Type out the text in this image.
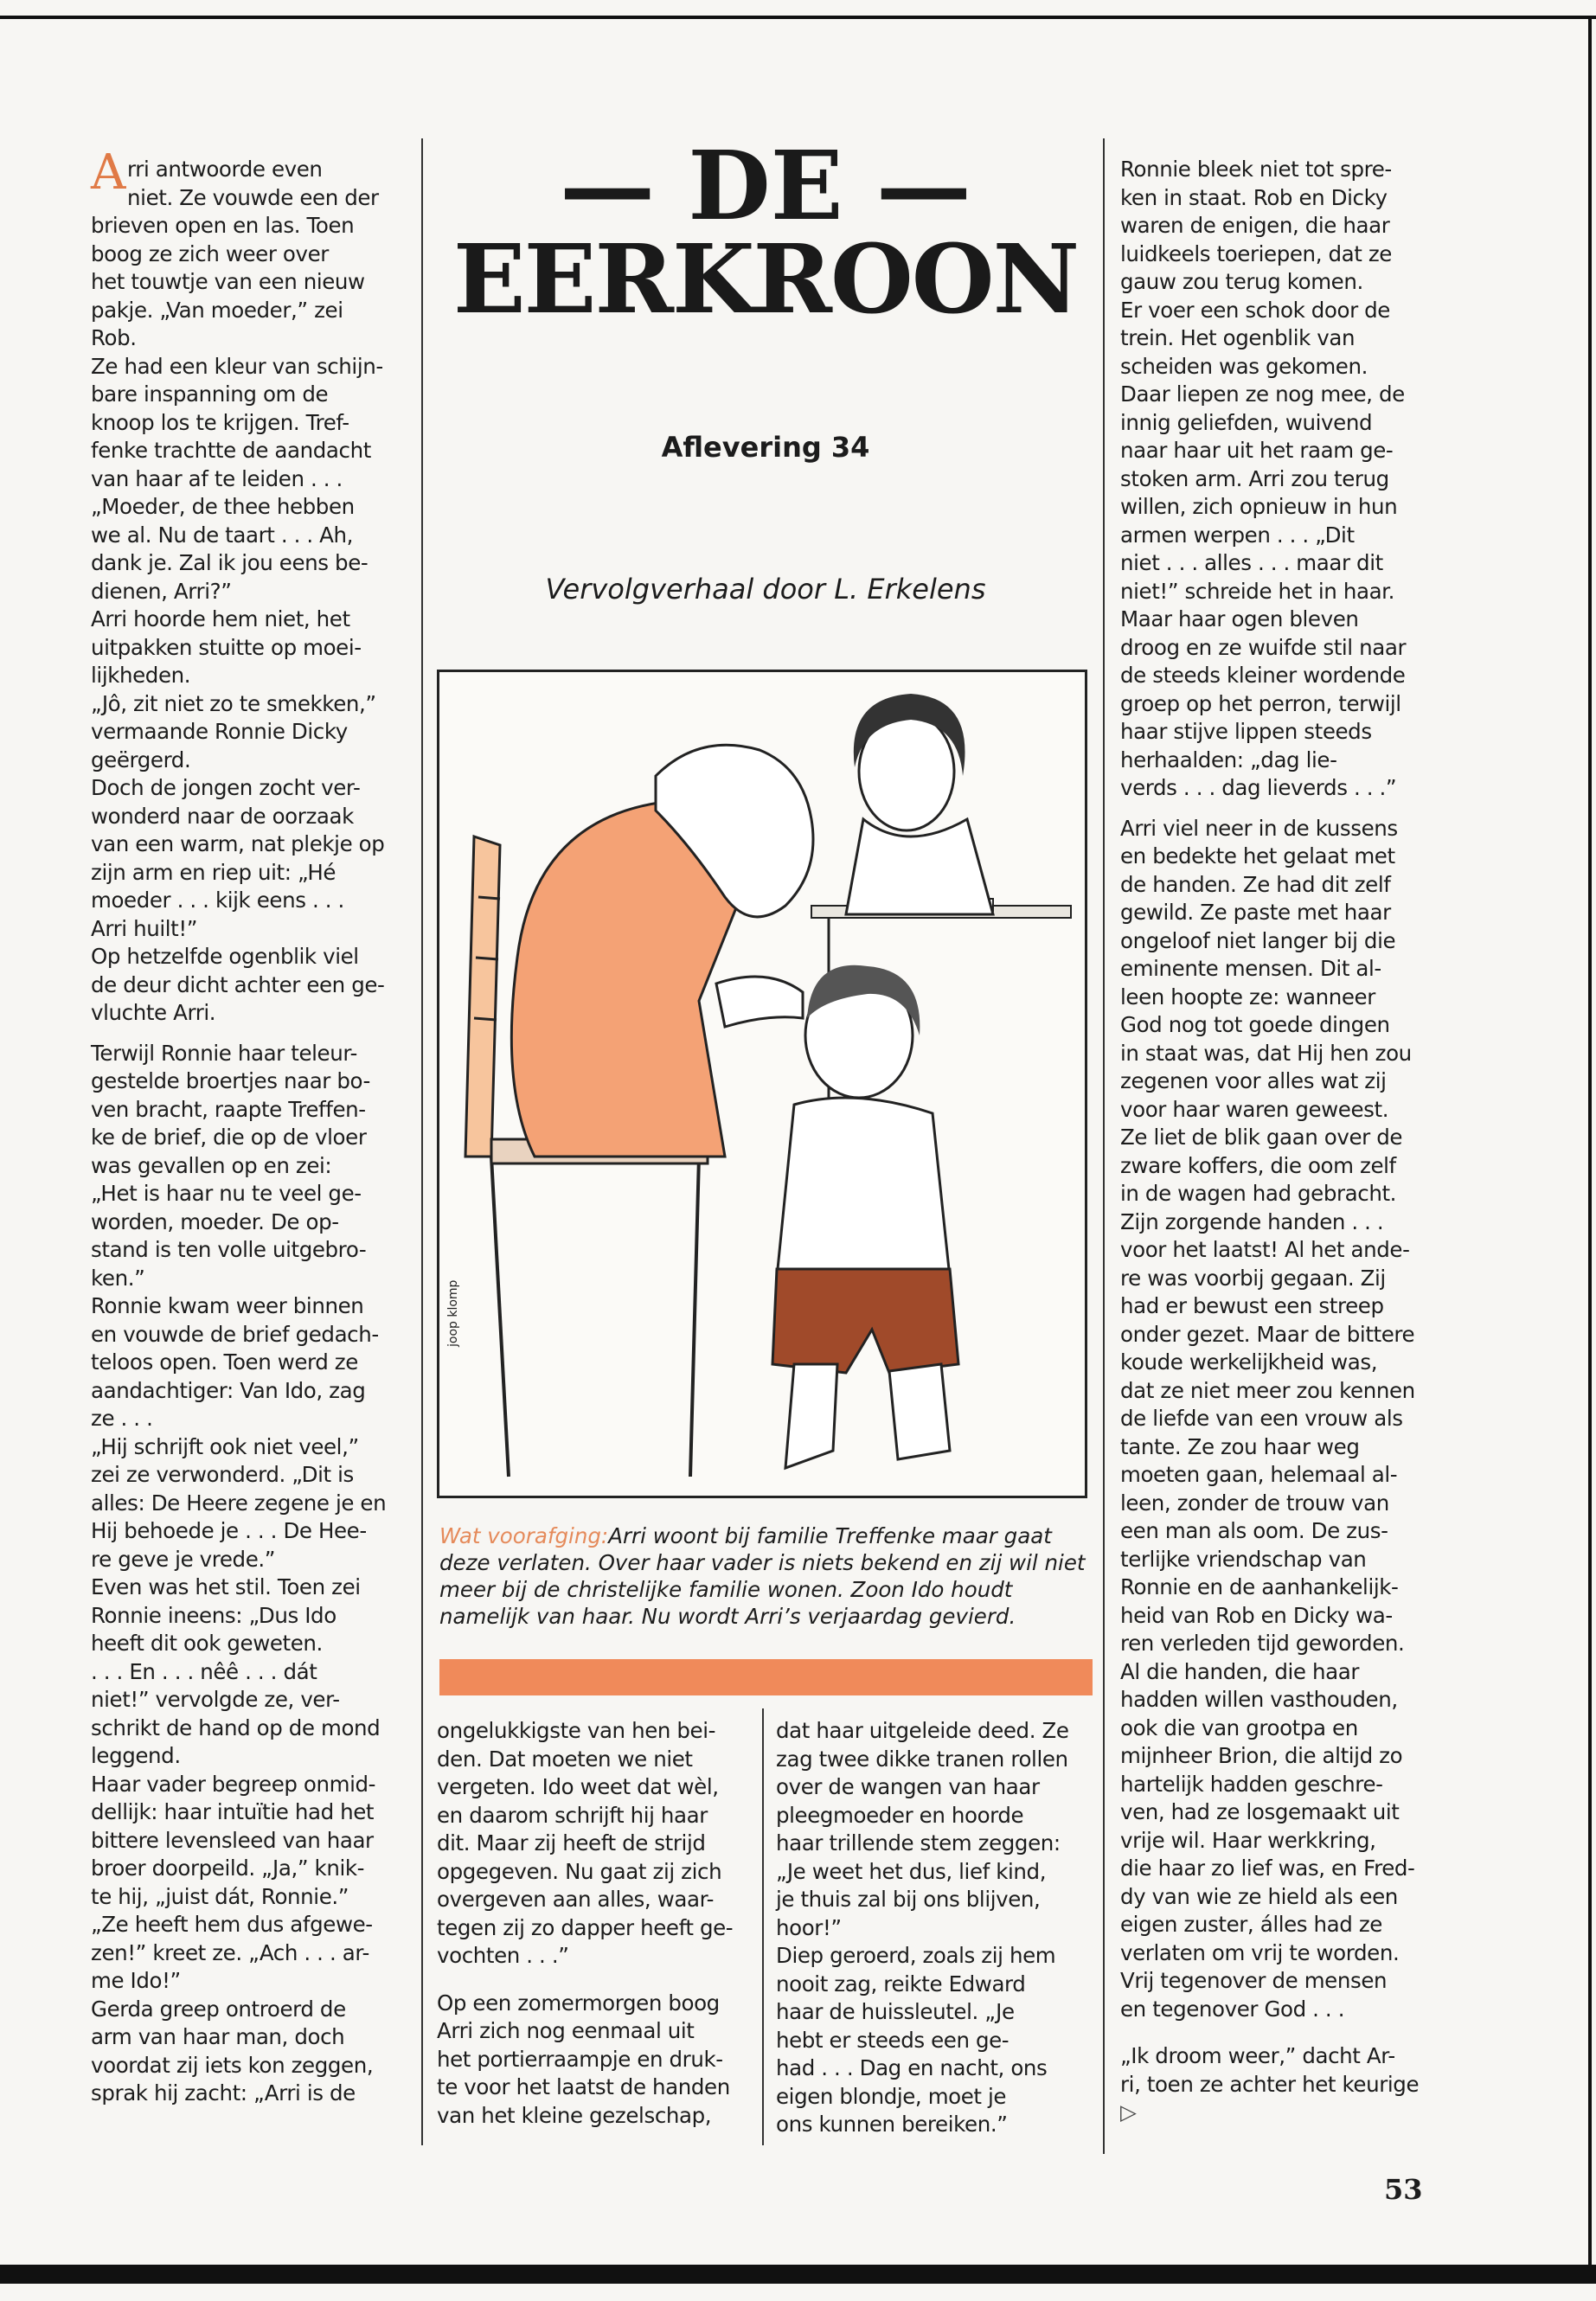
A rri antwoorde even
niet. Ze vouwde een der
brieven open en las. Toen
boog ze zich weer over
het touwtje van een nieuw
pakje. „Van moeder,” zei
Rob.
Ze had een kleur van schijn-
bare inspanning om de
knoop los te krijgen. Tref-
fenke trachtte de aandacht
van haar af te leiden . . .
„Moeder, de thee hebben
we al. Nu de taart . . . Ah,
dank je. Zal ik jou eens be-
dienen, Arri?”
Arri hoorde hem niet, het
uitpakken stuitte op moei-
lijkheden.
„Jô, zit niet zo te smekken,”
vermaande Ronnie Dicky
geërgerd.
Doch de jongen zocht ver-
wonderd naar de oorzaak
van een warm, nat plekje op
zijn arm en riep uit: „Hé
moeder . . . kijk eens . . .
Arri huilt!”
Op hetzelfde ogenblik viel
de deur dicht achter een ge-
vluchte Arri.

Terwijl Ronnie haar teleur-
gestelde broertjes naar bo-
ven bracht, raapte Treffen-
ke de brief, die op de vloer
was gevallen op en zei:
„Het is haar nu te veel ge-
worden, moeder. De op-
stand is ten volle uitgebro-
ken.”
Ronnie kwam weer binnen
en vouwde de brief gedach-
teloos open. Toen werd ze
aandachtiger: Van Ido, zag
ze . . .
„Hij schrijft ook niet veel,”
zei ze verwonderd. „Dit is
alles: De Heere zegene je en
Hij behoede je . . . De Hee-
re geve je vrede.”
Even was het stil. Toen zei
Ronnie ineens: „Dus Ido
heeft dit ook geweten.
. . . En . . . nêê . . . dát
niet!” vervolgde ze, ver-
schrikt de hand op de mond
leggend.
Haar vader begreep onmid-
dellijk: haar intuïtie had het
bittere levensleed van haar
broer doorpeild. „Ja,” knik-
te hij, „juist dát, Ronnie.”
„Ze heeft hem dus afgewe-
zen!” kreet ze. „Ach . . . ar-
me Ido!”
Gerda greep ontroerd de
arm van haar man, doch
voordat zij iets kon zeggen,
sprak hij zacht: „Arri is de

— DE —
EERKROON
Aflevering 34
Vervolgverhaal door L. Erkelens
joop klomp
Wat voorafging:Arri woont bij familie Treffenke maar gaat deze verlaten. Over haar vader is niets bekend en zij wil niet meer bij de christelijke familie wonen. Zoon Ido houdt namelijk van haar. Nu wordt Arri’s verjaardag gevierd.

ongelukkigste van hen bei-
den. Dat moeten we niet
vergeten. Ido weet dat wèl,
en daarom schrijft hij haar
dit. Maar zij heeft de strijd
opgegeven. Nu gaat zij zich
overgeven aan alles, waar-
tegen zij zo dapper heeft ge-
vochten . . .”

Op een zomermorgen boog
Arri zich nog eenmaal uit
het portierraampje en druk-
te voor het laatst de handen
van het kleine gezelschap,

dat haar uitgeleide deed. Ze
zag twee dikke tranen rollen
over de wangen van haar
pleegmoeder en hoorde
haar trillende stem zeggen:
„Je weet het dus, lief kind,
je thuis zal bij ons blijven,
hoor!”
Diep geroerd, zoals zij hem
nooit zag, reikte Edward
haar de huissleutel. „Je
hebt er steeds een ge-
had . . . Dag en nacht, ons
eigen blondje, moet je
ons kunnen bereiken.”

Ronnie bleek niet tot spre-
ken in staat. Rob en Dicky
waren de enigen, die haar
luidkeels toeriepen, dat ze
gauw zou terug komen.
Er voer een schok door de
trein. Het ogenblik van
scheiden was gekomen.
Daar liepen ze nog mee, de
innig geliefden, wuivend
naar haar uit het raam ge-
stoken arm. Arri zou terug
willen, zich opnieuw in hun
armen werpen . . . „Dit
niet . . . alles . . . maar dit
niet!” schreide het in haar.
Maar haar ogen bleven
droog en ze wuifde stil naar
de steeds kleiner wordende
groep op het perron, terwijl
haar stijve lippen steeds
herhaalden: „dag lie-
verds . . . dag lieverds . . .”

Arri viel neer in de kussens
en bedekte het gelaat met
de handen. Ze had dit zelf
gewild. Ze paste met haar
ongeloof niet langer bij die
eminente mensen. Dit al-
leen hoopte ze: wanneer
God nog tot goede dingen
in staat was, dat Hij hen zou
zegenen voor alles wat zij
voor haar waren geweest.
Ze liet de blik gaan over de
zware koffers, die oom zelf
in de wagen had gebracht.
Zijn zorgende handen . . .
voor het laatst! Al het ande-
re was voorbij gegaan. Zij
had er bewust een streep
onder gezet. Maar de bittere
koude werkelijkheid was,
dat ze niet meer zou kennen
de liefde van een vrouw als
tante. Ze zou haar weg
moeten gaan, helemaal al-
leen, zonder de trouw van
een man als oom. De zus-
terlijke vriendschap van
Ronnie en de aanhankelijk-
heid van Rob en Dicky wa-
ren verleden tijd geworden.
Al die handen, die haar
hadden willen vasthouden,
ook die van grootpa en
mijnheer Brion, die altijd zo
hartelijk hadden geschre-
ven, had ze losgemaakt uit
vrije wil. Haar werkkring,
die haar zo lief was, en Fred-
dy van wie ze hield als een
eigen zuster, álles had ze
verlaten om vrij te worden.
Vrij tegenover de mensen
en tegenover God . . .

„Ik droom weer,” dacht Ar-
ri, toen ze achter het keurige
▷

53
